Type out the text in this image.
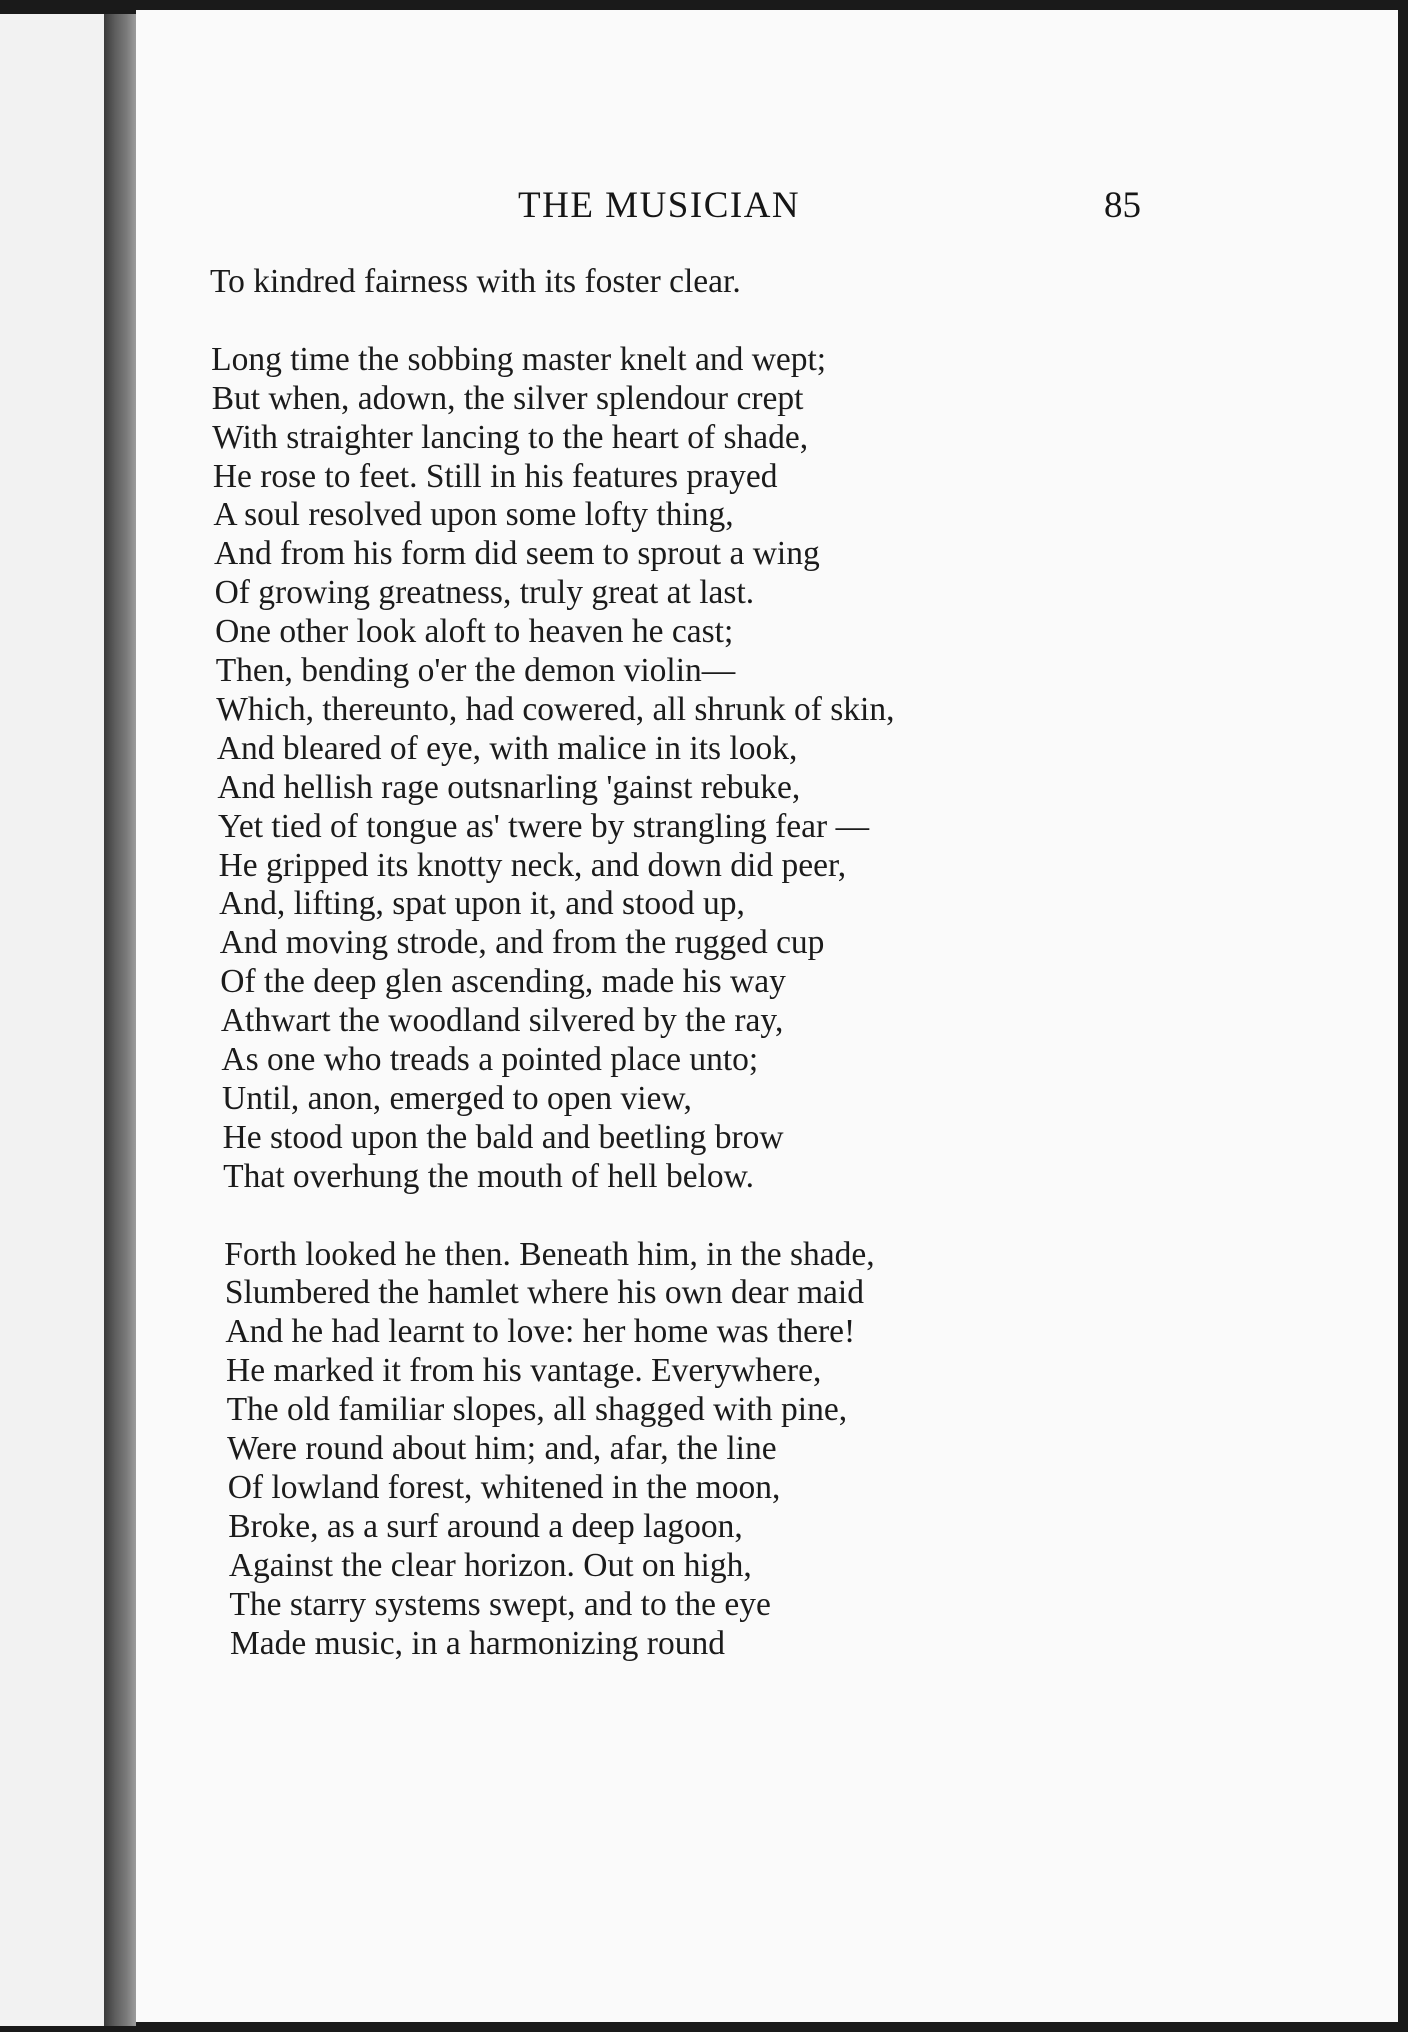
THE MUSICIAN	85
To kindred fairness with its foster clear.
Long time the sobbing master knelt and wept;
But when, adown, the silver splendour crept
With straighter lancing to the heart of shade,
He rose to feet. Still in his features prayed
A soul resolved upon some lofty thing,
And from his form did seem to sprout a wing
Of growing greatness, truly great at last.
One other look aloft to heaven he cast;
Then, bending o'er the demon violin—
Which, thereunto, had cowered, all shrunk of skin,
And bleared of eye, with malice in its look,
And hellish rage outsnarling 'gainst rebuke,
Yet tied of tongue as' twere by strangling fear —
He gripped its knotty neck, and down did peer,
And, lifting, spat upon it, and stood up,
And moving strode, and from the rugged cup
Of the deep glen ascending, made his way
Athwart the woodland silvered by the ray,
As one who treads a pointed place unto;
Until, anon, emerged to open view,
He stood upon the bald and beetling brow
That overhung the mouth of hell below.
Forth looked he then. Beneath him, in the shade,
Slumbered the hamlet where his own dear maid
And he had learnt to love: her home was there!
He marked it from his vantage. Everywhere,
The old familiar slopes, all shagged with pine,
Were round about him; and, afar, the line
Of lowland forest, whitened in the moon,
Broke, as a surf around a deep lagoon,
Against the clear horizon. Out on high,
The starry systems swept, and to the eye
Made music, in a harmonizing round
